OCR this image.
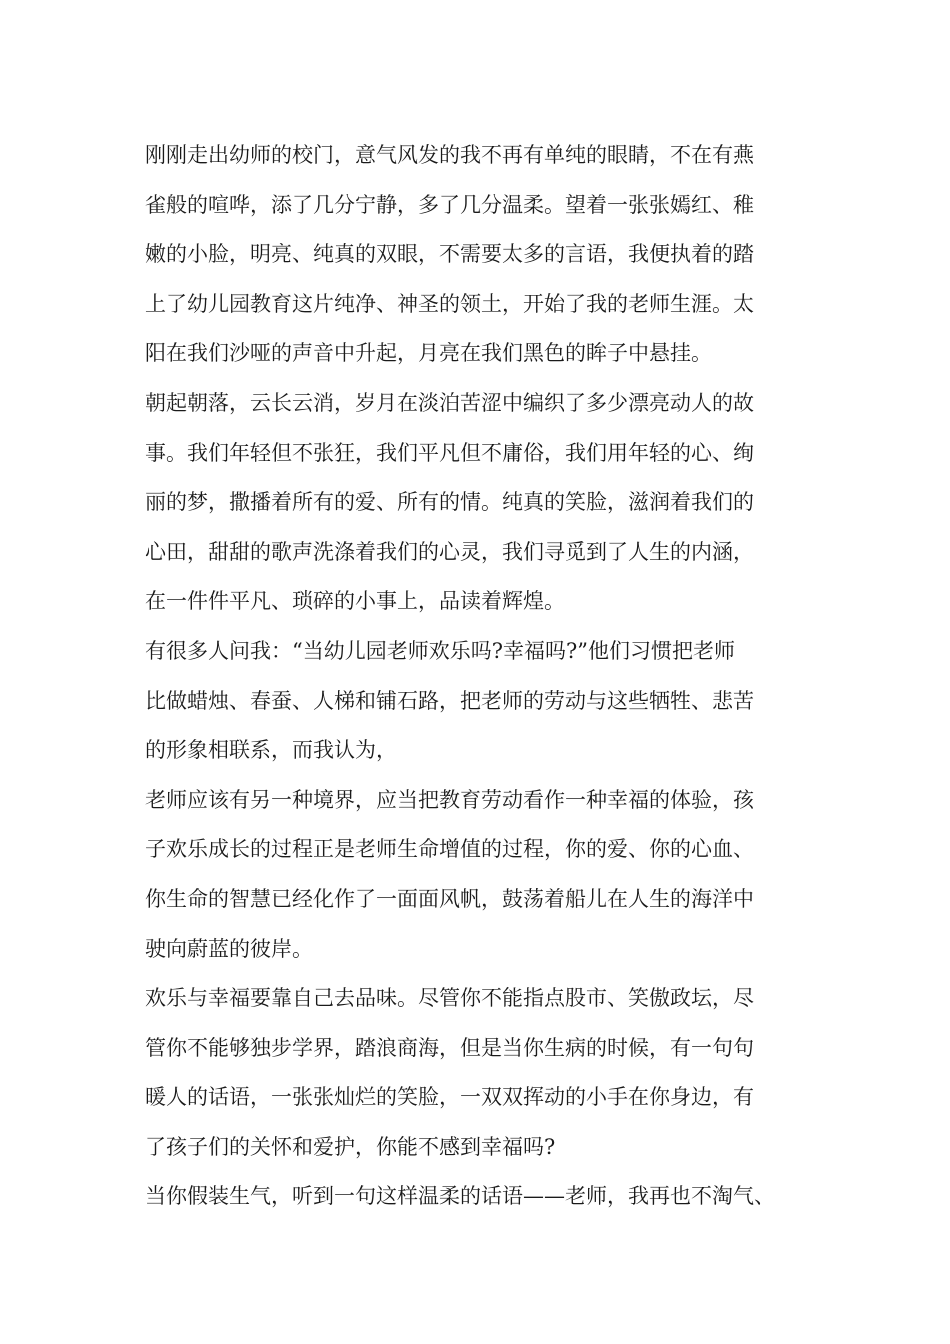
刚刚走出幼师的校门，意气风发的我不再有单纯的眼睛，不在有燕
雀般的喧哗，添了几分宁静，多了几分温柔。望着一张张嫣红、稚
嫩的小脸，明亮、纯真的双眼，不需要太多的言语，我便执着的踏
上了幼儿园教育这片纯净、神圣的领土，开始了我的老师生涯。太
阳在我们沙哑的声音中升起，月亮在我们黑色的眸子中悬挂。
朝起朝落，云长云消，岁月在淡泊苦涩中编织了多少漂亮动人的故
事。我们年轻但不张狂，我们平凡但不庸俗，我们用年轻的心、绚
丽的梦，撒播着所有的爱、所有的情。纯真的笑脸，滋润着我们的
心田，甜甜的歌声洗涤着我们的心灵，我们寻觅到了人生的内涵，
在一件件平凡、琐碎的小事上，品读着辉煌。
有很多人问我：“当幼儿园老师欢乐吗?幸福吗?”他们习惯把老师
比做蜡烛、春蚕、人梯和铺石路，把老师的劳动与这些牺牲、悲苦
的形象相联系，而我认为，
老师应该有另一种境界，应当把教育劳动看作一种幸福的体验，孩
子欢乐成长的过程正是老师生命增值的过程，你的爱、你的心血、
你生命的智慧已经化作了一面面风帆，鼓荡着船儿在人生的海洋中
驶向蔚蓝的彼岸。
欢乐与幸福要靠自己去品味。尽管你不能指点股市、笑傲政坛，尽
管你不能够独步学界，踏浪商海，但是当你生病的时候，有一句句
暖人的话语，一张张灿烂的笑脸，一双双挥动的小手在你身边，有
了孩子们的关怀和爱护，你能不感到幸福吗?
当你假装生气，听到一句这样温柔的话语——老师，我再也不淘气、
